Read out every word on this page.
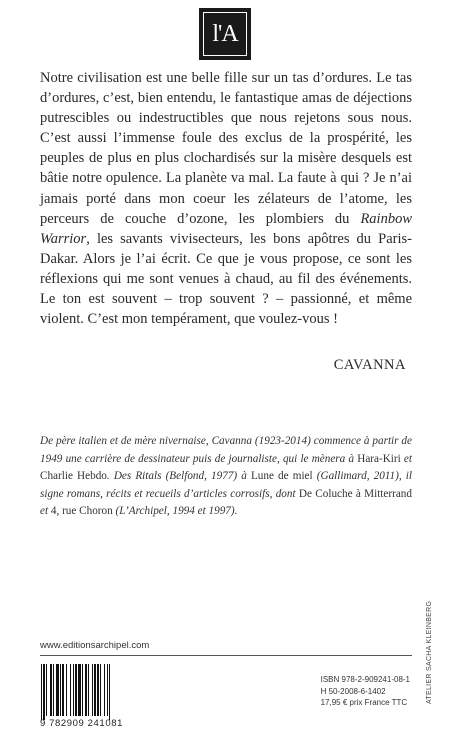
l'A

Notre civilisation est une belle fille sur un tas d’ordures. Le tas d’ordures, c’est, bien entendu, le fantastique amas de déjections putrescibles ou indestructibles que nous rejetons sous nous. C’est aussi l’immense foule des exclus de la prospérité, les peuples de plus en plus clochardisés sur la misère desquels est bâtie notre opulence. La planète va mal. La faute à qui ? Je n’ai jamais porté dans mon coeur les zélateurs de l’atome, les perceurs de couche d’ozone, les plombiers du Rainbow Warrior, les savants vivisecteurs, les bons apôtres du Paris-Dakar. Alors je l’ai écrit. Ce que je vous propose, ce sont les réflexions qui me sont venues à chaud, au fil des événements. Le ton est souvent – trop souvent ? – passionné, et même violent. C’est mon tempérament, que voulez-vous !

CAVANNA
De père italien et de mère nivernaise, Cavanna (1923-2014) commence à partir de 1949 une carrière de dessinateur puis de journaliste, qui le mènera à Hara-Kiri et Charlie Hebdo. Des Ritals (Belfond, 1977) à Lune de miel (Gallimard, 2011), il signe romans, récits et recueils d’articles corrosifs, dont De Coluche à Mitterrand et 4, rue Choron (L’Archipel, 1994 et 1997).
www.editionsarchipel.com
9 782909 241081
ISBN 978-2-909241-08-1
H 50-2008-6-1402
17,95 € prix France TTC	ATELIER SACHA KLEINBERG
